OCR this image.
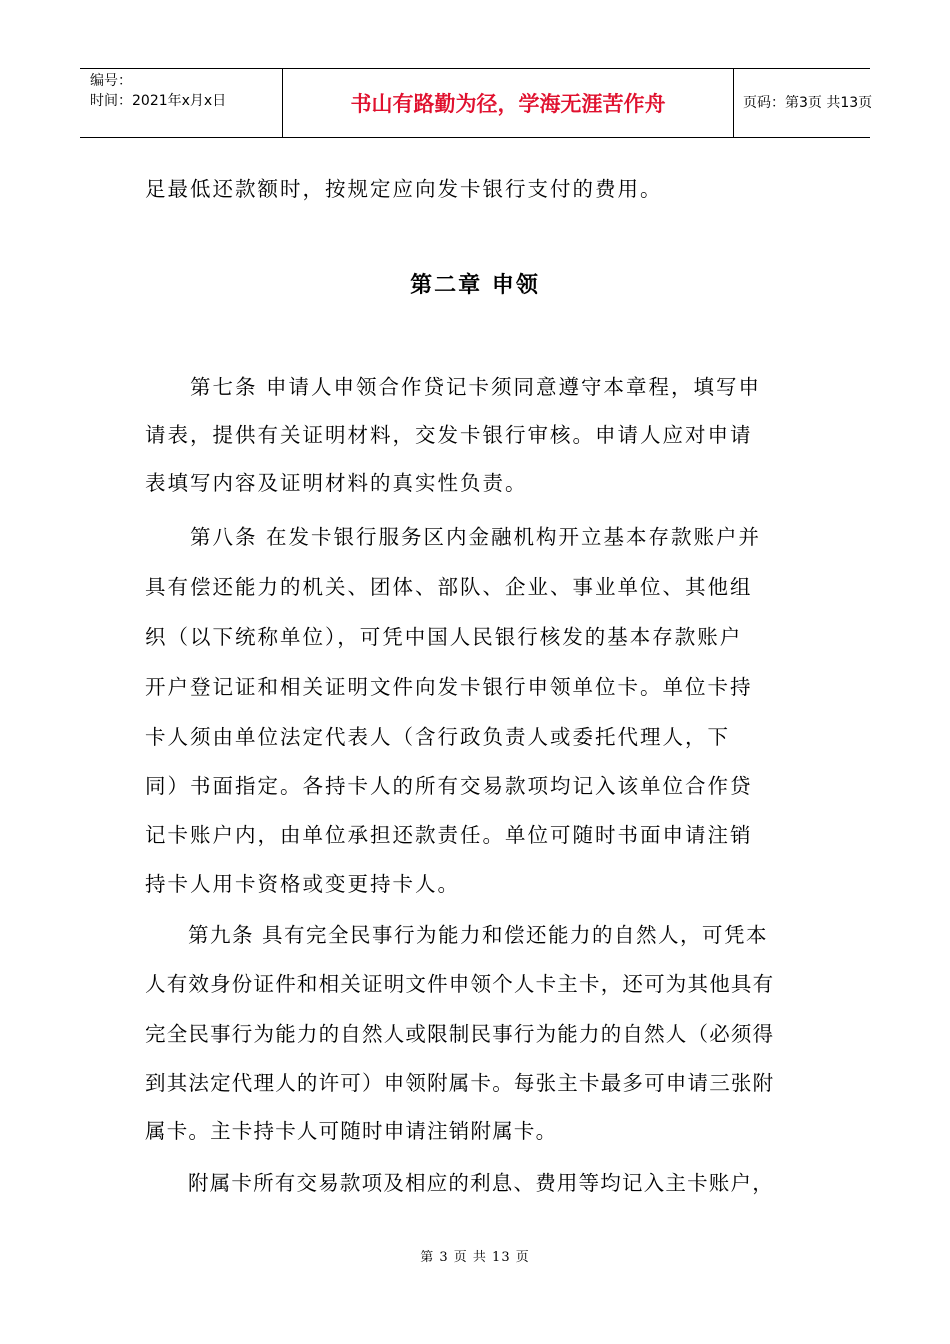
编号：
时间：2021年x月x日	书山有路勤为径，学海无涯苦作舟	页码：第3页 共13页
足最低还款额时，按规定应向发卡银行支付的费用。
第二章 申领
第七条 申请人申领合作贷记卡须同意遵守本章程，填写申
请表，提供有关证明材料，交发卡银行审核。申请人应对申请
表填写内容及证明材料的真实性负责。
第八条 在发卡银行服务区内金融机构开立基本存款账户并
具有偿还能力的机关、团体、部队、企业、事业单位、其他组
织（以下统称单位），可凭中国人民银行核发的基本存款账户
开户登记证和相关证明文件向发卡银行申领单位卡。单位卡持
卡人须由单位法定代表人（含行政负责人或委托代理人，下
同）书面指定。各持卡人的所有交易款项均记入该单位合作贷
记卡账户内，由单位承担还款责任。单位可随时书面申请注销
持卡人用卡资格或变更持卡人。
第九条 具有完全民事行为能力和偿还能力的自然人，可凭本
人有效身份证件和相关证明文件申领个人卡主卡，还可为其他具有
完全民事行为能力的自然人或限制民事行为能力的自然人（必须得
到其法定代理人的许可）申领附属卡。每张主卡最多可申请三张附
属卡。主卡持卡人可随时申请注销附属卡。
附属卡所有交易款项及相应的利息、费用等均记入主卡账户，
第 3 页 共 13 页
